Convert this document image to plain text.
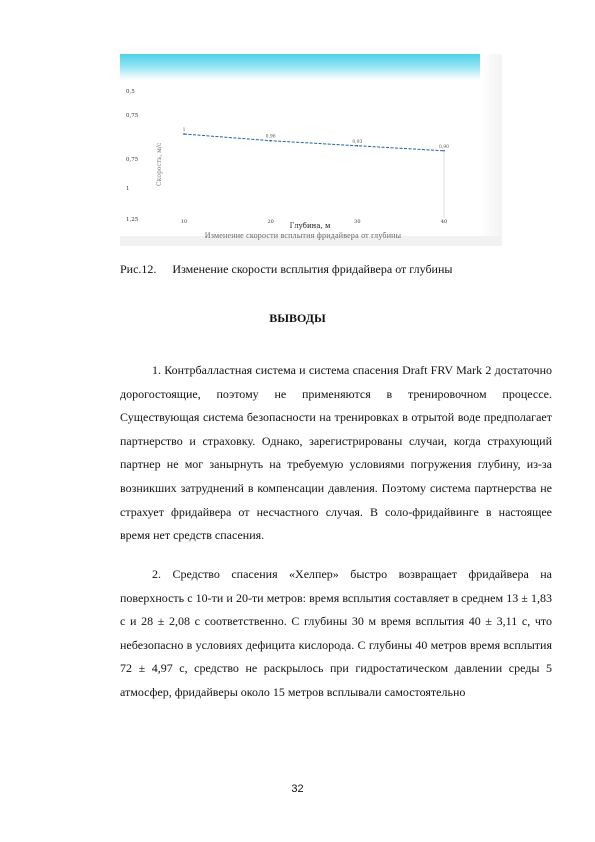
1,25
1
0,75
0,75
0,5
Скорость, м/с
10	20	30	40
Глубина, м
1
0,96
0,93
0,90
Изменение скорости всплытия фридайвера от глубины
Рис.12. Изменение скорости всплытия фридайвера от глубины
ВЫВОДЫ

1. Контрбалластная система и система спасения Draft FRV Mark 2 достаточно дорогостоящие, поэтому не применяются в тренировочном процессе. Существующая система безопасности на тренировках в отрытой воде предполагает партнерство и страховку. Однако, зарегистрированы случаи, когда страхующий партнер не мог занырнуть на требуемую условиями погружения глубину, из-за возникших затруднений в компенсации давления. Поэтому система партнерства не страхует фридайвера от несчастного случая. В соло-фридайвинге в настоящее время нет средств спасения.

2. Средство спасения «Хелпер» быстро возвращает фридайвера на поверхность с 10-ти и 20-ти метров: время всплытия составляет в среднем 13 ± 1,83 с и 28 ± 2,08 с соответственно. С глубины 30 м время всплытия 40 ± 3,11 с, что небезопасно в условиях дефицита кислорода. С глубины 40 метров время всплытия 72 ± 4,97 с, средство не раскрылось при гидростатическом давлении среды 5 атмосфер, фридайверы около 15 метров всплывали самостоятельно

32
